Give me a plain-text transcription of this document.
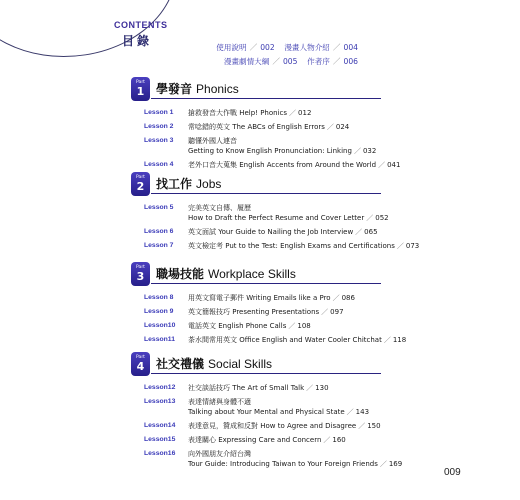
CONTENTS
目錄	使用說明 ／ 002 漫畫人物介紹 ／ 004
漫畫劇情大綱 ／ 005 作者序 ／ 006
Part
1 學發音 Phonics
Lesson 1 搶救發音大作戰 Help! Phonics ／ 012
Lesson 2 常唸錯的英文 The ABCs of English Errors ／ 024
Lesson 3 聽懂外國人連音
Getting to Know English Pronunciation: Linking ／ 032
Lesson 4 老外口音大蒐集 English Accents from Around the World ／ 041
Part
2 找工作 Jobs
Lesson 5 完美英文自傳、履歷
How to Draft the Perfect Resume and Cover Letter ／ 052
Lesson 6 英文面試 Your Guide to Nailing the Job Interview ／ 065
Lesson 7 英文檢定考 Put to the Test: English Exams and Certifications ／ 073
Part
3 職場技能 Workplace Skills
Lesson 8 用英文寫電子郵件 Writing Emails like a Pro ／ 086
Lesson 9 英文簡報技巧 Presenting Presentations ／ 097
Lesson10 電話英文 English Phone Calls ／ 108
Lesson11 茶水間常用英文 Office English and Water Cooler Chitchat ／ 118
Part
4 社交禮儀 Social Skills
Lesson12 社交談話技巧 The Art of Small Talk ／ 130
Lesson13 表達情緒與身體不適
Talking about Your Mental and Physical State ／ 143
Lesson14 表達意見，贊成和反對 How to Agree and Disagree ／ 150
Lesson15 表達關心 Expressing Care and Concern ／ 160
Lesson16 向外國朋友介紹台灣
Tour Guide: Introducing Taiwan to Your Foreign Friends ／ 169
009
